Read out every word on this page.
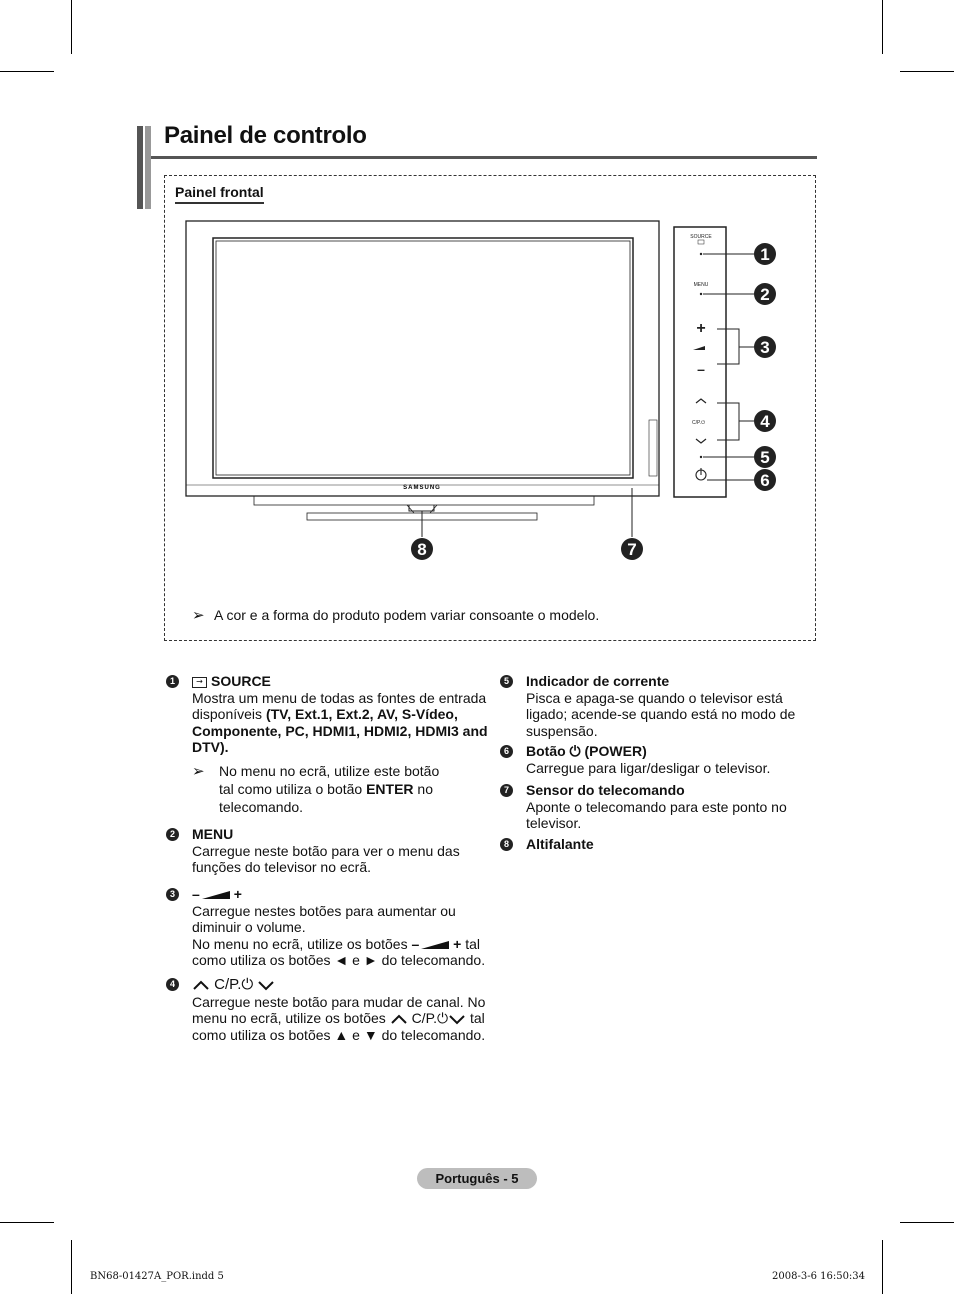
Painel de controlo
Painel frontal
SAMSUNG
SOURCE
MENU
+
–
C/P.⏻
1
2
3
4
5
6
7
8
➢ A cor e a forma do produto podem variar consoante o modelo.
1	→ SOURCE
Mostra um menu de todas as fontes de entrada disponíveis (TV, Ext.1, Ext.2, AV, S-Vídeo, Componente, PC, HDMI1, HDMI2, HDMI3 and DTV).
➢ No menu no ecrã, utilize este botão
tal como utiliza o botão ENTER no
telecomando.
2 MENU
Carregue neste botão para ver o menu das funções do televisor no ecrã.
3 – +
Carregue nestes botões para aumentar ou
diminuir o volume.
No menu no ecrã, utilize os botões – + tal
como utiliza os botões ◄ e ► do telecomando.
4	C/P.⏻
Carregue neste botão para mudar de canal. No
menu no ecrã, utilize os botões  C/P.⏻ tal
como utiliza os botões ▲ e ▼ do telecomando.
5 Indicador de corrente
Pisca e apaga-se quando o televisor está ligado; acende-se quando está no modo de suspensão.
6 Botão ⏻ (POWER)
Carregue para ligar/desligar o televisor.
7 Sensor do telecomando
Aponte o telecomando para este ponto no televisor.
8 Altifalante
Português - 5
BN68-01427A_POR.indd 5	2008-3-6 16:50:34
